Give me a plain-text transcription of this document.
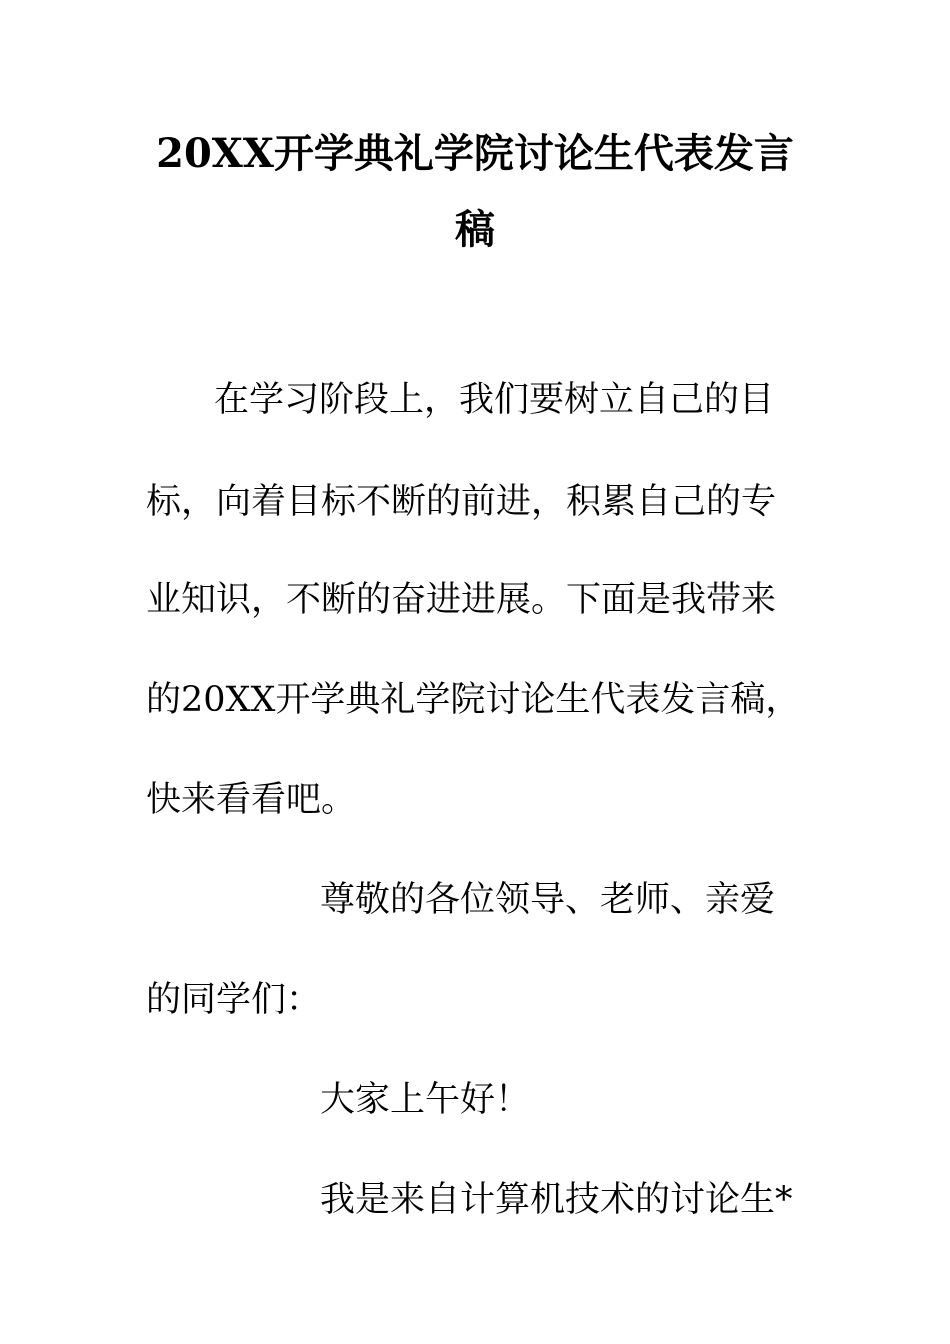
20XX开学典礼学院讨论生代表发言
稿
在学习阶段上，我们要树立自己的目
标，向着目标不断的前进，积累自己的专
业知识，不断的奋进进展。下面是我带来
的20XX开学典礼学院讨论生代表发言稿，
快来看看吧。
尊敬的各位领导、老师、亲爱
的同学们：
大家上午好！
我是来自计算机技术的讨论生*
